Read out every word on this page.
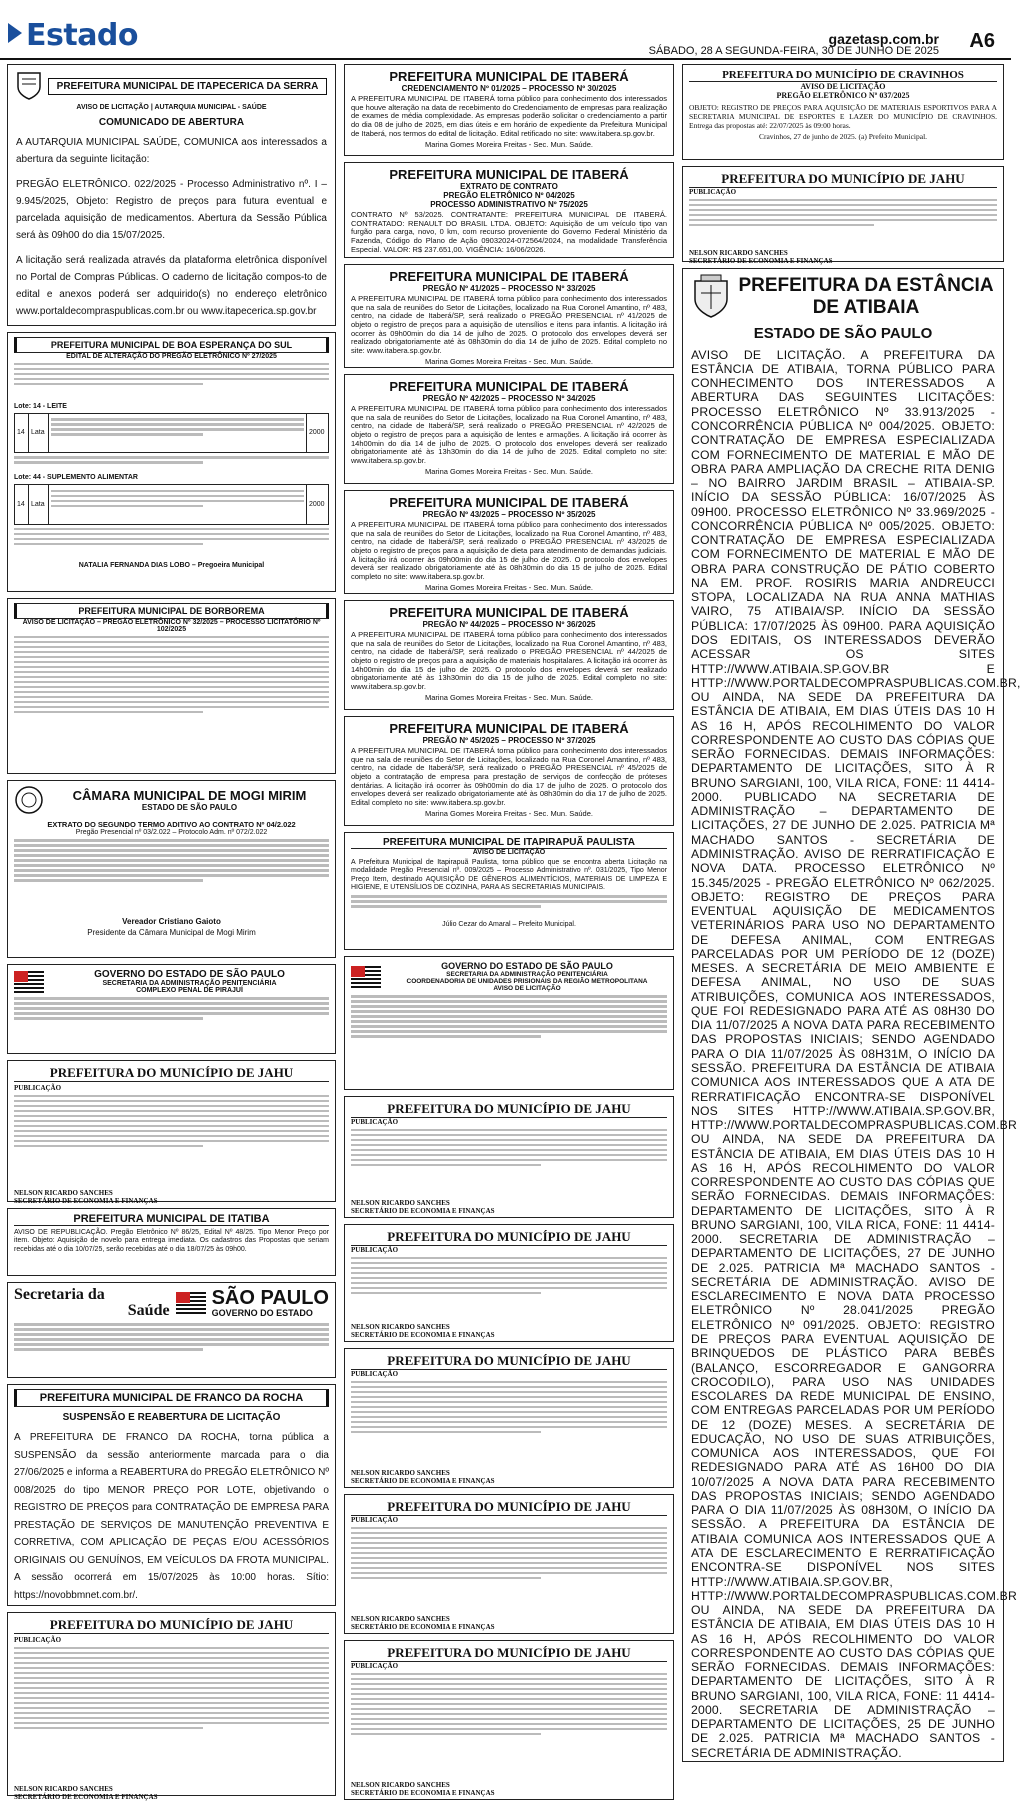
Estado	gazetasp.com.br
SÁBADO, 28 A SEGUNDA-FEIRA, 30 DE JUNHO DE 2025 A6
PREFEITURA MUNICIPAL DE ITAPECERICA DA SERRA
AVISO DE LICITAÇÃO | AUTARQUIA MUNICIPAL - SAÚDE
COMUNICADO DE ABERTURA

A AUTARQUIA MUNICIPAL SAÚDE, COMUNICA aos interessados a abertura da seguinte licitação:

PREGÃO ELETRÔNICO. 022/2025 - Processo Administrativo nº. I – 9.945/2025, Objeto: Registro de preços para futura eventual e parcelada aquisição de medicamentos. Abertura da Sessão Pública será às 09h00 do dia 15/07/2025.

A licitação será realizada através da plataforma eletrônica disponível no Portal de Compras Públicas. O caderno de licitação compos-to de edital e anexos poderá ser adquirido(s) no endereço eletrônico www.portaldecompraspublicas.com.br ou www.itapecerica.sp.gov.br

PREFEITURA MUNICIPAL DE BOA ESPERANÇA DO SUL
EDITAL DE ALTERAÇÃO DO PREGÃO ELETRÔNICO Nº 27/2025
Lote: 14 - LEITE
14	Lata		2000
Lote: 44 - SUPLEMENTO ALIMENTAR
14	Lata		2000
NATALIA FERNANDA DIAS LOBO – Pregoeira Municipal
PREFEITURA MUNICIPAL DE BORBOREMA
AVISO DE LICITAÇÃO – PREGÃO ELETRÔNICO Nº 32/2025 – PROCESSO LICITATÓRIO Nº 102/2025
CÂMARA MUNICIPAL DE MOGI MIRIM
ESTADO DE SÃO PAULO
EXTRATO DO SEGUNDO TERMO ADITIVO AO CONTRATO Nº 04/2.022
Pregão Presencial nº 03/2.022 – Protocolo Adm. nº 072/2.022
Vereador Cristiano Gaioto
Presidente da Câmara Municipal de Mogi Mirim
GOVERNO DO ESTADO DE SÃO PAULO
SECRETARIA DA ADMINISTRAÇÃO PENITENCIÁRIA
COMPLEXO PENAL DE PIRAJUÍ
PREFEITURA DO MUNICÍPIO DE JAHU
PUBLICAÇÃO
NELSON RICARDO SANCHES
SECRETÁRIO DE ECONOMIA E FINANÇAS
PREFEITURA MUNICIPAL DE ITATIBA

AVISO DE REPUBLICAÇÃO. Pregão Eletrônico Nº 86/25, Edital Nº 48/25. Tipo Menor Preço por item. Objeto: Aquisição de novelo para entrega imediata. Os cadastros das Propostas que seriam recebidas até o dia 10/07/25, serão recebidas até o dia 18/07/25 às 09h00.

Secretaria da
Saúde
SÃO PAULO
GOVERNO DO ESTADO
PREFEITURA MUNICIPAL DE FRANCO DA ROCHA
SUSPENSÃO E REABERTURA DE LICITAÇÃO

A PREFEITURA DE FRANCO DA ROCHA, torna pública a SUSPENSÃO da sessão anteriormente marcada para o dia 27/06/2025 e informa a REABERTURA do PREGÃO ELETRÔNICO Nº 008/2025 do tipo MENOR PREÇO POR LOTE, objetivando o REGISTRO DE PREÇOS para CONTRATAÇÃO DE EMPRESA PARA PRESTAÇÃO DE SERVIÇOS DE MANUTENÇÃO PREVENTIVA E CORRETIVA, COM APLICAÇÃO DE PEÇAS E/OU ACESSÓRIOS ORIGINAIS OU GENUÍNOS, EM VEÍCULOS DA FROTA MUNICIPAL. A sessão ocorrerá em 15/07/2025 às 10:00 horas. Sítio: https://novobbmnet.com.br/.

PREFEITURA DO MUNICÍPIO DE JAHU
PUBLICAÇÃO
NELSON RICARDO SANCHES
SECRETÁRIO DE ECONOMIA E FINANÇAS
PREFEITURA MUNICIPAL DE ITABERÁ
CREDENCIAMENTO Nº 01/2025 – PROCESSO Nº 30/2025

A PREFEITURA MUNICIPAL DE ITABERÁ torna público para conhecimento dos interessados que houve alteração na data de recebimento do Credenciamento de empresas para realização de exames de média complexidade. As empresas poderão solicitar o credenciamento a partir do dia 08 de julho de 2025, em dias úteis e em horário de expediente da Prefeitura Municipal de Itaberá, nos termos do edital de licitação. Edital retificado no site: www.itabera.sp.gov.br.

Marina Gomes Moreira Freitas - Sec. Mun. Saúde.
PREFEITURA MUNICIPAL DE ITABERÁ
EXTRATO DE CONTRATO
PREGÃO ELETRÔNICO Nº 04/2025
PROCESSO ADMINISTRATIVO Nº 75/2025

CONTRATO Nº 53/2025. CONTRATANTE: PREFEITURA MUNICIPAL DE ITABERÁ. CONTRATADO: RENAULT DO BRASIL LTDA. OBJETO: Aquisição de um veículo tipo van furgão para carga, novo, 0 km, com recurso proveniente do Governo Federal Ministério da Fazenda, Código do Plano de Ação 09032024-072564/2024, na modalidade Transferência Especial. VALOR: R$ 237.651,00. VIGÊNCIA: 16/06/2026.

PREFEITURA MUNICIPAL DE ITABERÁ
PREGÃO Nº 41/2025 – PROCESSO Nº 33/2025

A PREFEITURA MUNICIPAL DE ITABERÁ torna público para conhecimento dos interessados que na sala de reuniões do Setor de Licitações, localizado na Rua Coronel Amantino, nº 483, centro, na cidade de Itaberá/SP, será realizado o PREGÃO PRESENCIAL nº 41/2025 de objeto o registro de preços para a aquisição de utensílios e itens para infantis. A licitação irá ocorrer às 09h00min do dia 14 de julho de 2025. O protocolo dos envelopes deverá ser realizado obrigatoriamente até às 08h30min do dia 14 de julho de 2025. Edital completo no site: www.itabera.sp.gov.br.

Marina Gomes Moreira Freitas - Sec. Mun. Saúde.
PREFEITURA MUNICIPAL DE ITABERÁ
PREGÃO Nº 42/2025 – PROCESSO Nº 34/2025

A PREFEITURA MUNICIPAL DE ITABERÁ torna público para conhecimento dos interessados que na sala de reuniões do Setor de Licitações, localizado na Rua Coronel Amantino, nº 483, centro, na cidade de Itaberá/SP, será realizado o PREGÃO PRESENCIAL nº 42/2025 de objeto o registro de preços para a aquisição de lentes e armações. A licitação irá ocorrer às 14h00min do dia 14 de julho de 2025. O protocolo dos envelopes deverá ser realizado obrigatoriamente até às 13h30min do dia 14 de julho de 2025. Edital completo no site: www.itabera.sp.gov.br.

Marina Gomes Moreira Freitas - Sec. Mun. Saúde.
PREFEITURA MUNICIPAL DE ITABERÁ
PREGÃO Nº 43/2025 – PROCESSO Nº 35/2025

A PREFEITURA MUNICIPAL DE ITABERÁ torna público para conhecimento dos interessados que na sala de reuniões do Setor de Licitações, localizado na Rua Coronel Amantino, nº 483, centro, na cidade de Itaberá/SP, será realizado o PREGÃO PRESENCIAL nº 43/2025 de objeto o registro de preços para a aquisição de dieta para atendimento de demandas judiciais. A licitação irá ocorrer às 09h00min do dia 15 de julho de 2025. O protocolo dos envelopes deverá ser realizado obrigatoriamente até às 08h30min do dia 15 de julho de 2025. Edital completo no site: www.itabera.sp.gov.br.

Marina Gomes Moreira Freitas - Sec. Mun. Saúde.
PREFEITURA MUNICIPAL DE ITABERÁ
PREGÃO Nº 44/2025 – PROCESSO Nº 36/2025

A PREFEITURA MUNICIPAL DE ITABERÁ torna público para conhecimento dos interessados que na sala de reuniões do Setor de Licitações, localizado na Rua Coronel Amantino, nº 483, centro, na cidade de Itaberá/SP, será realizado o PREGÃO PRESENCIAL nº 44/2025 de objeto o registro de preços para a aquisição de materiais hospitalares. A licitação irá ocorrer às 14h00min do dia 15 de julho de 2025. O protocolo dos envelopes deverá ser realizado obrigatoriamente até às 13h30min do dia 15 de julho de 2025. Edital completo no site: www.itabera.sp.gov.br.

Marina Gomes Moreira Freitas - Sec. Mun. Saúde.
PREFEITURA MUNICIPAL DE ITABERÁ
PREGÃO Nº 45/2025 – PROCESSO Nº 37/2025

A PREFEITURA MUNICIPAL DE ITABERÁ torna público para conhecimento dos interessados que na sala de reuniões do Setor de Licitações, localizado na Rua Coronel Amantino, nº 483, centro, na cidade de Itaberá/SP, será realizado o PREGÃO PRESENCIAL nº 45/2025 de objeto a contratação de empresa para prestação de serviços de confecção de próteses dentárias. A licitação irá ocorrer às 09h00min do dia 17 de julho de 2025. O protocolo dos envelopes deverá ser realizado obrigatoriamente até às 08h30min do dia 17 de julho de 2025. Edital completo no site: www.itabera.sp.gov.br.

Marina Gomes Moreira Freitas - Sec. Mun. Saúde.
PREFEITURA MUNICIPAL DE ITAPIRAPUÃ PAULISTA
AVISO DE LICITAÇÃO

A Prefeitura Municipal de Itapirapuã Paulista, torna público que se encontra aberta Licitação na modalidade Pregão Presencial nº. 009/2025 – Processo Administrativo nº. 031/2025, Tipo Menor Preço Item, destinado AQUISIÇÃO DE GÊNEROS ALIMENTÍCIOS, MATERIAIS DE LIMPEZA E HIGIENE, E UTENSÍLIOS DE COZINHA, PARA AS SECRETARIAS MUNICIPAIS.

Júlio Cezar do Amaral – Prefeito Municipal.
GOVERNO DO ESTADO DE SÃO PAULO
SECRETARIA DA ADMINISTRAÇÃO PENITENCIÁRIA
COORDENADORIA DE UNIDADES PRISIONAIS DA REGIÃO METROPOLITANA
AVISO DE LICITAÇÃO
PREFEITURA DO MUNICÍPIO DE JAHU
PUBLICAÇÃO
NELSON RICARDO SANCHES
SECRETÁRIO DE ECONOMIA E FINANÇAS
PREFEITURA DO MUNICÍPIO DE JAHU
PUBLICAÇÃO
NELSON RICARDO SANCHES
SECRETÁRIO DE ECONOMIA E FINANÇAS
PREFEITURA DO MUNICÍPIO DE JAHU
PUBLICAÇÃO
NELSON RICARDO SANCHES
SECRETÁRIO DE ECONOMIA E FINANÇAS
PREFEITURA DO MUNICÍPIO DE JAHU
PUBLICAÇÃO
NELSON RICARDO SANCHES
SECRETÁRIO DE ECONOMIA E FINANÇAS
PREFEITURA DO MUNICÍPIO DE JAHU
PUBLICAÇÃO
NELSON RICARDO SANCHES
SECRETÁRIO DE ECONOMIA E FINANÇAS
PREFEITURA DO MUNICÍPIO DE CRAVINHOS
AVISO DE LICITAÇÃO
PREGÃO ELETRÔNICO Nº 037/2025

OBJETO: REGISTRO DE PREÇOS PARA AQUISIÇÃO DE MATERIAIS ESPORTIVOS PARA A SECRETARIA MUNICIPAL DE ESPORTES E LAZER DO MUNICÍPIO DE CRAVINHOS. Entrega das propostas até: 22/07/2025 às 09:00 horas.

Cravinhos, 27 de junho de 2025. (a) Prefeito Municipal.
PREFEITURA DO MUNICÍPIO DE JAHU
PUBLICAÇÃO
NELSON RICARDO SANCHES
SECRETÁRIO DE ECONOMIA E FINANÇAS
PREFEITURA DA ESTÂNCIA DE ATIBAIA
ESTADO DE SÃO PAULO
AVISO DE LICITAÇÃO. A PREFEITURA DA ESTÂNCIA DE ATIBAIA, TORNA PÚBLICO PARA CONHECIMENTO DOS INTERESSADOS A ABERTURA DAS SEGUINTES LICITAÇÕES: PROCESSO ELETRÔNICO Nº 33.913/2025 - CONCORRÊNCIA PÚBLICA Nº 004/2025. OBJETO: CONTRATAÇÃO DE EMPRESA ESPECIALIZADA COM FORNECIMENTO DE MATERIAL E MÃO DE OBRA PARA AMPLIAÇÃO DA CRECHE RITA DENIG – NO BAIRRO JARDIM BRASIL – ATIBAIA-SP. INÍCIO DA SESSÃO PÚBLICA: 16/07/2025 ÀS 09H00. PROCESSO ELETRÔNICO Nº 33.969/2025 - CONCORRÊNCIA PÚBLICA Nº 005/2025. OBJETO: CONTRATAÇÃO DE EMPRESA ESPECIALIZADA COM FORNECIMENTO DE MATERIAL E MÃO DE OBRA PARA CONSTRUÇÃO DE PÁTIO COBERTO NA EM. PROF. ROSIRIS MARIA ANDREUCCI STOPA, LOCALIZADA NA RUA ANNA MATHIAS VAIRO, 75 ATIBAIA/SP. INÍCIO DA SESSÃO PÚBLICA: 17/07/2025 ÀS 09H00. PARA AQUISIÇÃO DOS EDITAIS, OS INTERESSADOS DEVERÃO ACESSAR OS SITES HTTP://WWW.ATIBAIA.SP.GOV.BR E HTTP://WWW.PORTALDECOMPRASPUBLICAS.COM.BR, OU AINDA, NA SEDE DA PREFEITURA DA ESTÂNCIA DE ATIBAIA, EM DIAS ÚTEIS DAS 10 H AS 16 H, APÓS RECOLHIMENTO DO VALOR CORRESPONDENTE AO CUSTO DAS CÓPIAS QUE SERÃO FORNECIDAS. DEMAIS INFORMAÇÕES: DEPARTAMENTO DE LICITAÇÕES, SITO À R BRUNO SARGIANI, 100, VILA RICA, FONE: 11 4414-2000. PUBLICADO NA SECRETARIA DE ADMINISTRAÇÃO – DEPARTAMENTO DE LICITAÇÕES, 27 DE JUNHO DE 2.025. PATRICIA Mª MACHADO SANTOS - SECRETÁRIA DE ADMINISTRAÇÃO. AVISO DE RERRATIFICAÇÃO E NOVA DATA. PROCESSO ELETRÔNICO Nº 15.345/2025 - PREGÃO ELETRÔNICO Nº 062/2025. OBJETO: REGISTRO DE PREÇOS PARA EVENTUAL AQUISIÇÃO DE MEDICAMENTOS VETERINÁRIOS PARA USO NO DEPARTAMENTO DE DEFESA ANIMAL, COM ENTREGAS PARCELADAS POR UM PERÍODO DE 12 (DOZE) MESES. A SECRETÁRIA DE MEIO AMBIENTE E DEFESA ANIMAL, NO USO DE SUAS ATRIBUIÇÕES, COMUNICA AOS INTERESSADOS, QUE FOI REDESIGNADO PARA ATÉ AS 08H30 DO DIA 11/07/2025 A NOVA DATA PARA RECEBIMENTO DAS PROPOSTAS INICIAIS; SENDO AGENDADO PARA O DIA 11/07/2025 ÀS 08H31M, O INÍCIO DA SESSÃO. PREFEITURA DA ESTÂNCIA DE ATIBAIA COMUNICA AOS INTERESSADOS QUE A ATA DE RERRATIFICAÇÃO ENCONTRA-SE DISPONÍVEL NOS SITES HTTP://WWW.ATIBAIA.SP.GOV.BR, HTTP://WWW.PORTALDECOMPRASPUBLICAS.COM.BR OU AINDA, NA SEDE DA PREFEITURA DA ESTÂNCIA DE ATIBAIA, EM DIAS ÚTEIS DAS 10 H AS 16 H, APÓS RECOLHIMENTO DO VALOR CORRESPONDENTE AO CUSTO DAS CÓPIAS QUE SERÃO FORNECIDAS. DEMAIS INFORMAÇÕES: DEPARTAMENTO DE LICITAÇÕES, SITO À R BRUNO SARGIANI, 100, VILA RICA, FONE: 11 4414-2000. SECRETARIA DE ADMINISTRAÇÃO – DEPARTAMENTO DE LICITAÇÕES, 27 DE JUNHO DE 2.025. PATRICIA Mª MACHADO SANTOS - SECRETÁRIA DE ADMINISTRAÇÃO. AVISO DE ESCLARECIMENTO E NOVA DATA PROCESSO ELETRÔNICO Nº 28.041/2025 PREGÃO ELETRÔNICO Nº 091/2025. OBJETO: REGISTRO DE PREÇOS PARA EVENTUAL AQUISIÇÃO DE BRINQUEDOS DE PLÁSTICO PARA BEBÊS (BALANÇO, ESCORREGADOR E GANGORRA CROCODILO), PARA USO NAS UNIDADES ESCOLARES DA REDE MUNICIPAL DE ENSINO, COM ENTREGAS PARCELADAS POR UM PERÍODO DE 12 (DOZE) MESES. A SECRETÁRIA DE EDUCAÇÃO, NO USO DE SUAS ATRIBUIÇÕES, COMUNICA AOS INTERESSADOS, QUE FOI REDESIGNADO PARA ATÉ AS 16H00 DO DIA 10/07/2025 A NOVA DATA PARA RECEBIMENTO DAS PROPOSTAS INICIAIS; SENDO AGENDADO PARA O DIA 11/07/2025 ÀS 08H30M, O INÍCIO DA SESSÃO. A PREFEITURA DA ESTÂNCIA DE ATIBAIA COMUNICA AOS INTERESSADOS QUE A ATA DE ESCLARECIMENTO E RERRATIFICAÇÃO ENCONTRA-SE DISPONÍVEL NOS SITES HTTP://WWW.ATIBAIA.SP.GOV.BR, HTTP://WWW.PORTALDECOMPRASPUBLICAS.COM.BR OU AINDA, NA SEDE DA PREFEITURA DA ESTÂNCIA DE ATIBAIA, EM DIAS ÚTEIS DAS 10 H AS 16 H, APÓS RECOLHIMENTO DO VALOR CORRESPONDENTE AO CUSTO DAS CÓPIAS QUE SERÃO FORNECIDAS. DEMAIS INFORMAÇÕES: DEPARTAMENTO DE LICITAÇÕES, SITO À R BRUNO SARGIANI, 100, VILA RICA, FONE: 11 4414-2000. SECRETARIA DE ADMINISTRAÇÃO – DEPARTAMENTO DE LICITAÇÕES, 25 DE JUNHO DE 2.025. PATRICIA Mª MACHADO SANTOS - SECRETÁRIA DE ADMINISTRAÇÃO.
